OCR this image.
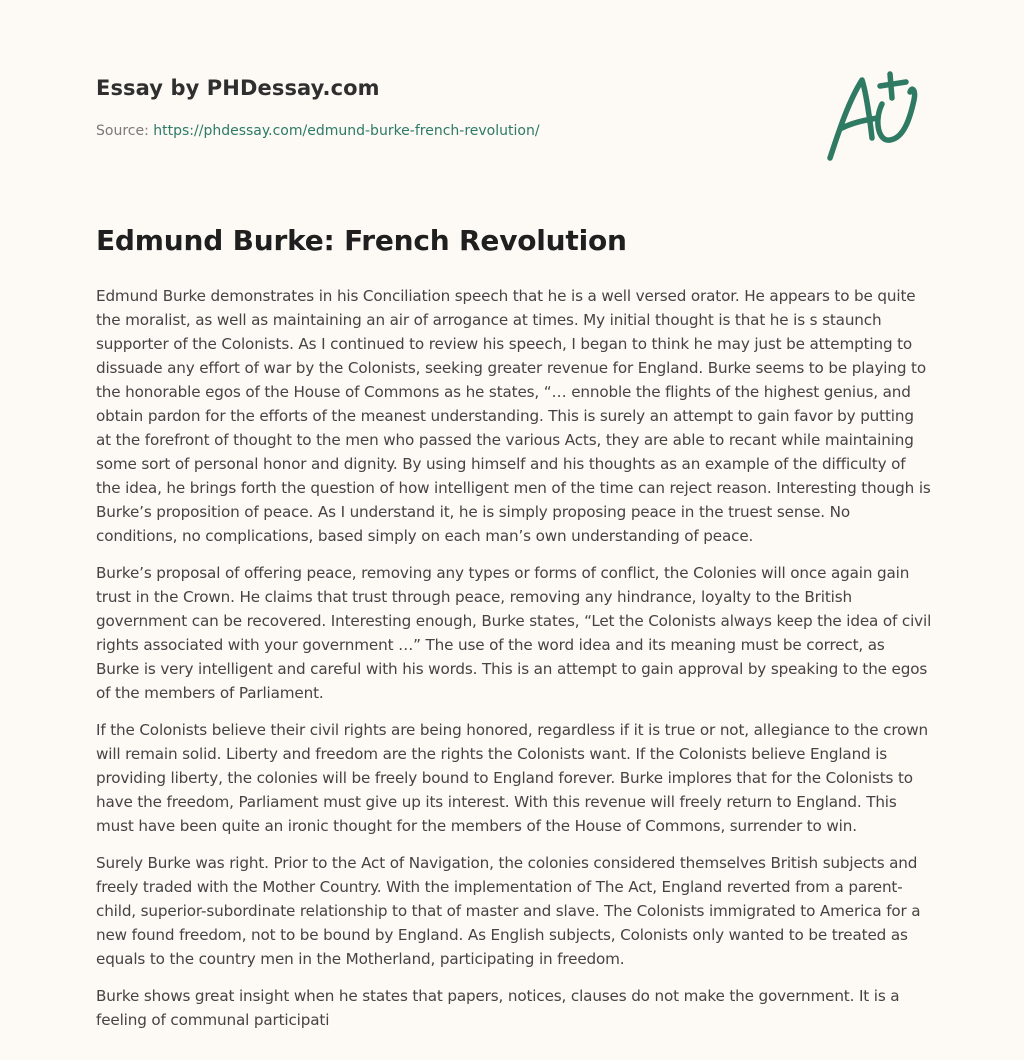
Essay by PHDessay.com
Source: https://phdessay.com/edmund-burke-french-revolution/
Edmund Burke: French Revolution

Edmund Burke demonstrates in his Conciliation speech that he is a well versed orator. He appears to be quite the moralist, as well as maintaining an air of arrogance at times. My initial thought is that he is s staunch supporter of the Colonists. As I continued to review his speech, I began to think he may just be attempting to dissuade any effort of war by the Colonists, seeking greater revenue for England. Burke seems to be playing to the honorable egos of the House of Commons as he states, “… ennoble the flights of the highest genius, and obtain pardon for the efforts of the meanest understanding. This is surely an attempt to gain favor by putting at the forefront of thought to the men who passed the various Acts, they are able to recant while maintaining some sort of personal honor and dignity. By using himself and his thoughts as an example of the difficulty of the idea, he brings forth the question of how intelligent men of the time can reject reason. Interesting though is Burke’s proposition of peace. As I understand it, he is simply proposing peace in the truest sense. No conditions, no complications, based simply on each man’s own understanding of peace.

Burke’s proposal of offering peace, removing any types or forms of conflict, the Colonies will once again gain trust in the Crown. He claims that trust through peace, removing any hindrance, loyalty to the British government can be recovered. Interesting enough, Burke states, “Let the Colonists always keep the idea of civil rights associated with your government …” The use of the word idea and its meaning must be correct, as Burke is very intelligent and careful with his words. This is an attempt to gain approval by speaking to the egos of the members of Parliament.

If the Colonists believe their civil rights are being honored, regardless if it is true or not, allegiance to the crown will remain solid. Liberty and freedom are the rights the Colonists want. If the Colonists believe England is providing liberty, the colonies will be freely bound to England forever. Burke implores that for the Colonists to have the freedom, Parliament must give up its interest. With this revenue will freely return to England. This must have been quite an ironic thought for the members of the House of Commons, surrender to win.

Surely Burke was right. Prior to the Act of Navigation, the colonies considered themselves British subjects and freely traded with the Mother Country. With the implementation of The Act, England reverted from a parent-child, superior-subordinate relationship to that of master and slave. The Colonists immigrated to America for a new found freedom, not to be bound by England. As English subjects, Colonists only wanted to be treated as equals to the country men in the Motherland, participating in freedom.

Burke shows great insight when he states that papers, notices, clauses do not make the government. It is a feeling of communal participati
